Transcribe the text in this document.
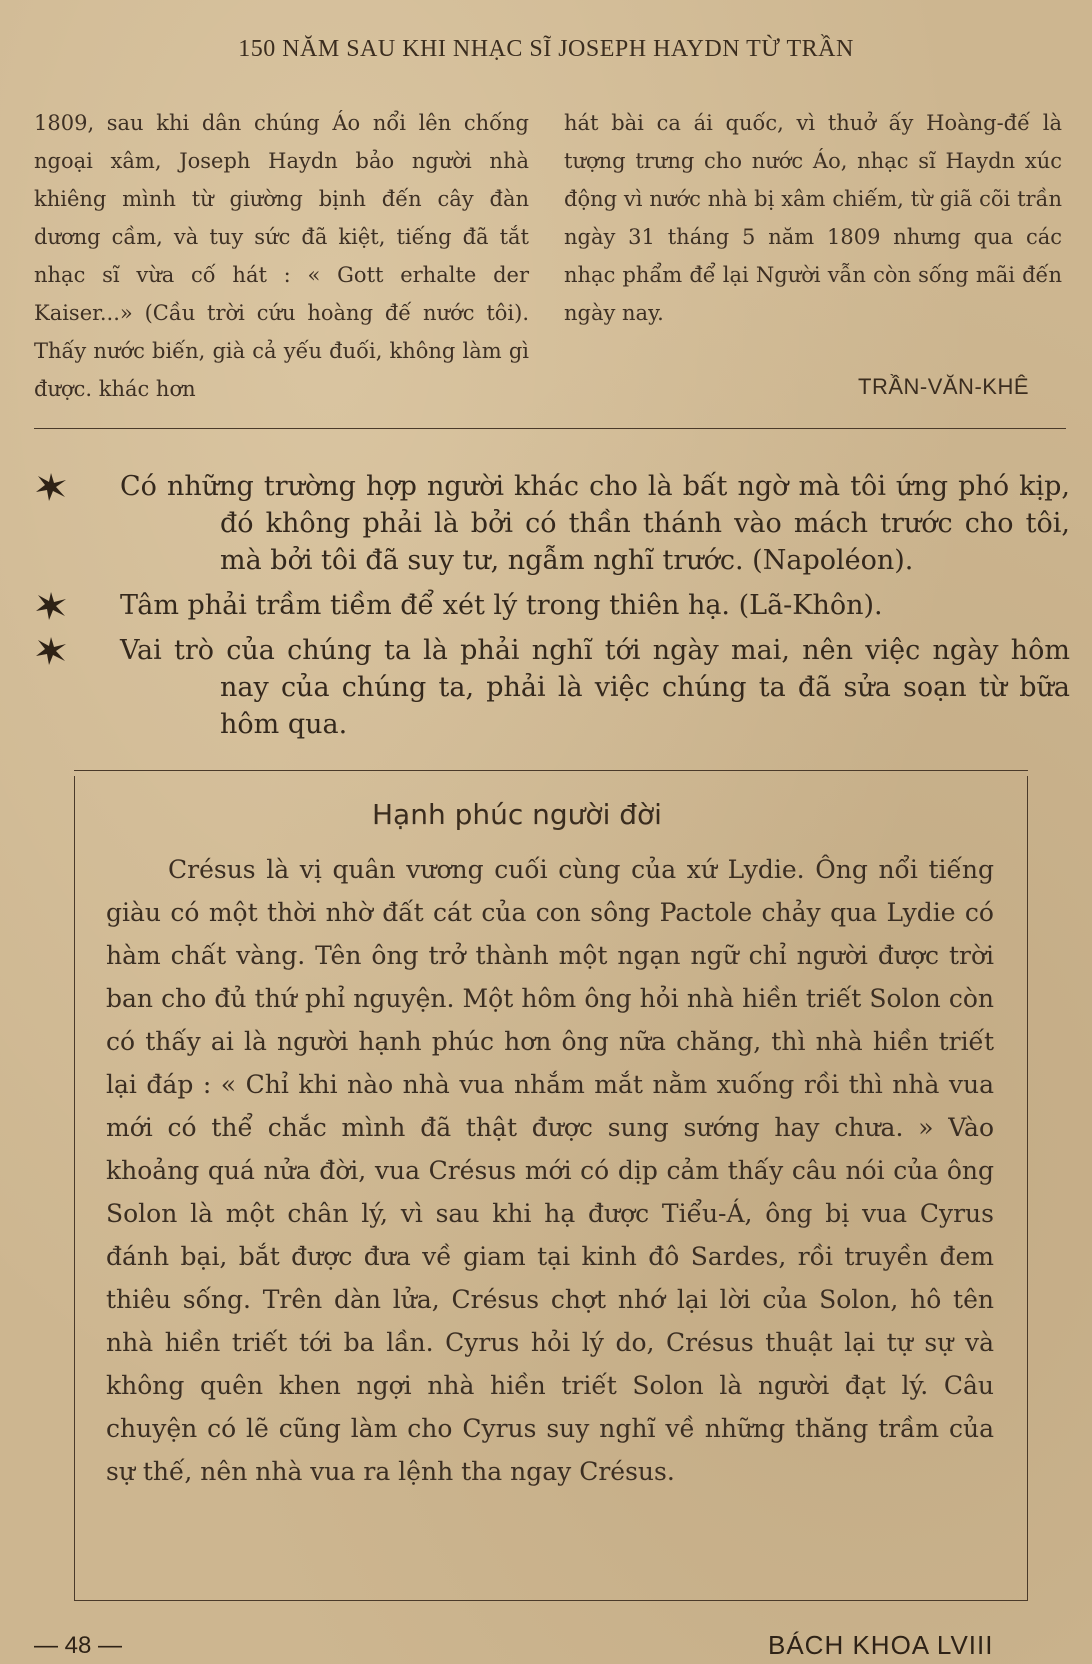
150 NĂM SAU KHI NHẠC SĨ JOSEPH HAYDN TỪ TRẦN

1809, sau khi dân chúng Áo nổi lên chống ngoại xâm, Joseph Haydn bảo người nhà khiêng mình từ giường bịnh đến cây đàn dương cầm, và tuy sức đã kiệt, tiếng đã tắt nhạc sĩ vừa cố hát : « Gott erhalte der Kaiser...» (Cầu trời cứu hoàng đế nước tôi). Thấy nước biến, già cả yếu đuối, không làm gì được. khác hơn

hát bài ca ái quốc, vì thuở ấy Hoàng-đế là tượng trưng cho nước Áo, nhạc sĩ Haydn xúc động vì nước nhà bị xâm chiếm, từ giã cõi trần ngày 31 tháng 5 năm 1809 nhưng qua các nhạc phẩm để lại Người vẫn còn sống mãi đến ngày nay.

TRẦN-VĂN-KHÊ
Có những trường hợp người khác cho là bất ngờ mà tôi ứng phó kịp, đó không phải là bởi có thần thánh vào mách trước cho tôi, mà bởi tôi đã suy tư, ngẫm nghĩ trước. (Napoléon).
Tâm phải trầm tiềm để xét lý trong thiên hạ. (Lã-Khôn).
Vai trò của chúng ta là phải nghĩ tới ngày mai, nên việc ngày hôm nay của chúng ta, phải là việc chúng ta đã sửa soạn từ bữa hôm qua.
Hạnh phúc người đời

Crésus là vị quân vương cuối cùng của xứ Lydie. Ông nổi tiếng giàu có một thời nhờ đất cát của con sông Pactole chảy qua Lydie có hàm chất vàng. Tên ông trở thành một ngạn ngữ chỉ người được trời ban cho đủ thứ phỉ nguyện. Một hôm ông hỏi nhà hiền triết Solon còn có thấy ai là người hạnh phúc hơn ông nữa chăng, thì nhà hiền triết lại đáp : « Chỉ khi nào nhà vua nhắm mắt nằm xuống rồi thì nhà vua mới có thể chắc mình đã thật được sung sướng hay chưa. » Vào khoảng quá nửa đời, vua Crésus mới có dịp cảm thấy câu nói của ông Solon là một chân lý, vì sau khi hạ được Tiểu-Á, ông bị vua Cyrus đánh bại, bắt được đưa về giam tại kinh đô Sardes, rồi truyền đem thiêu sống. Trên dàn lửa, Crésus chợt nhớ lại lời của Solon, hô tên nhà hiền triết tới ba lần. Cyrus hỏi lý do, Crésus thuật lại tự sự và không quên khen ngợi nhà hiền triết Solon là người đạt lý. Câu chuyện có lẽ cũng làm cho Cyrus suy nghĩ về những thăng trầm của sự thế, nên nhà vua ra lệnh tha ngay Crésus.

— 48 —	BÁCH KHOA LVIII
